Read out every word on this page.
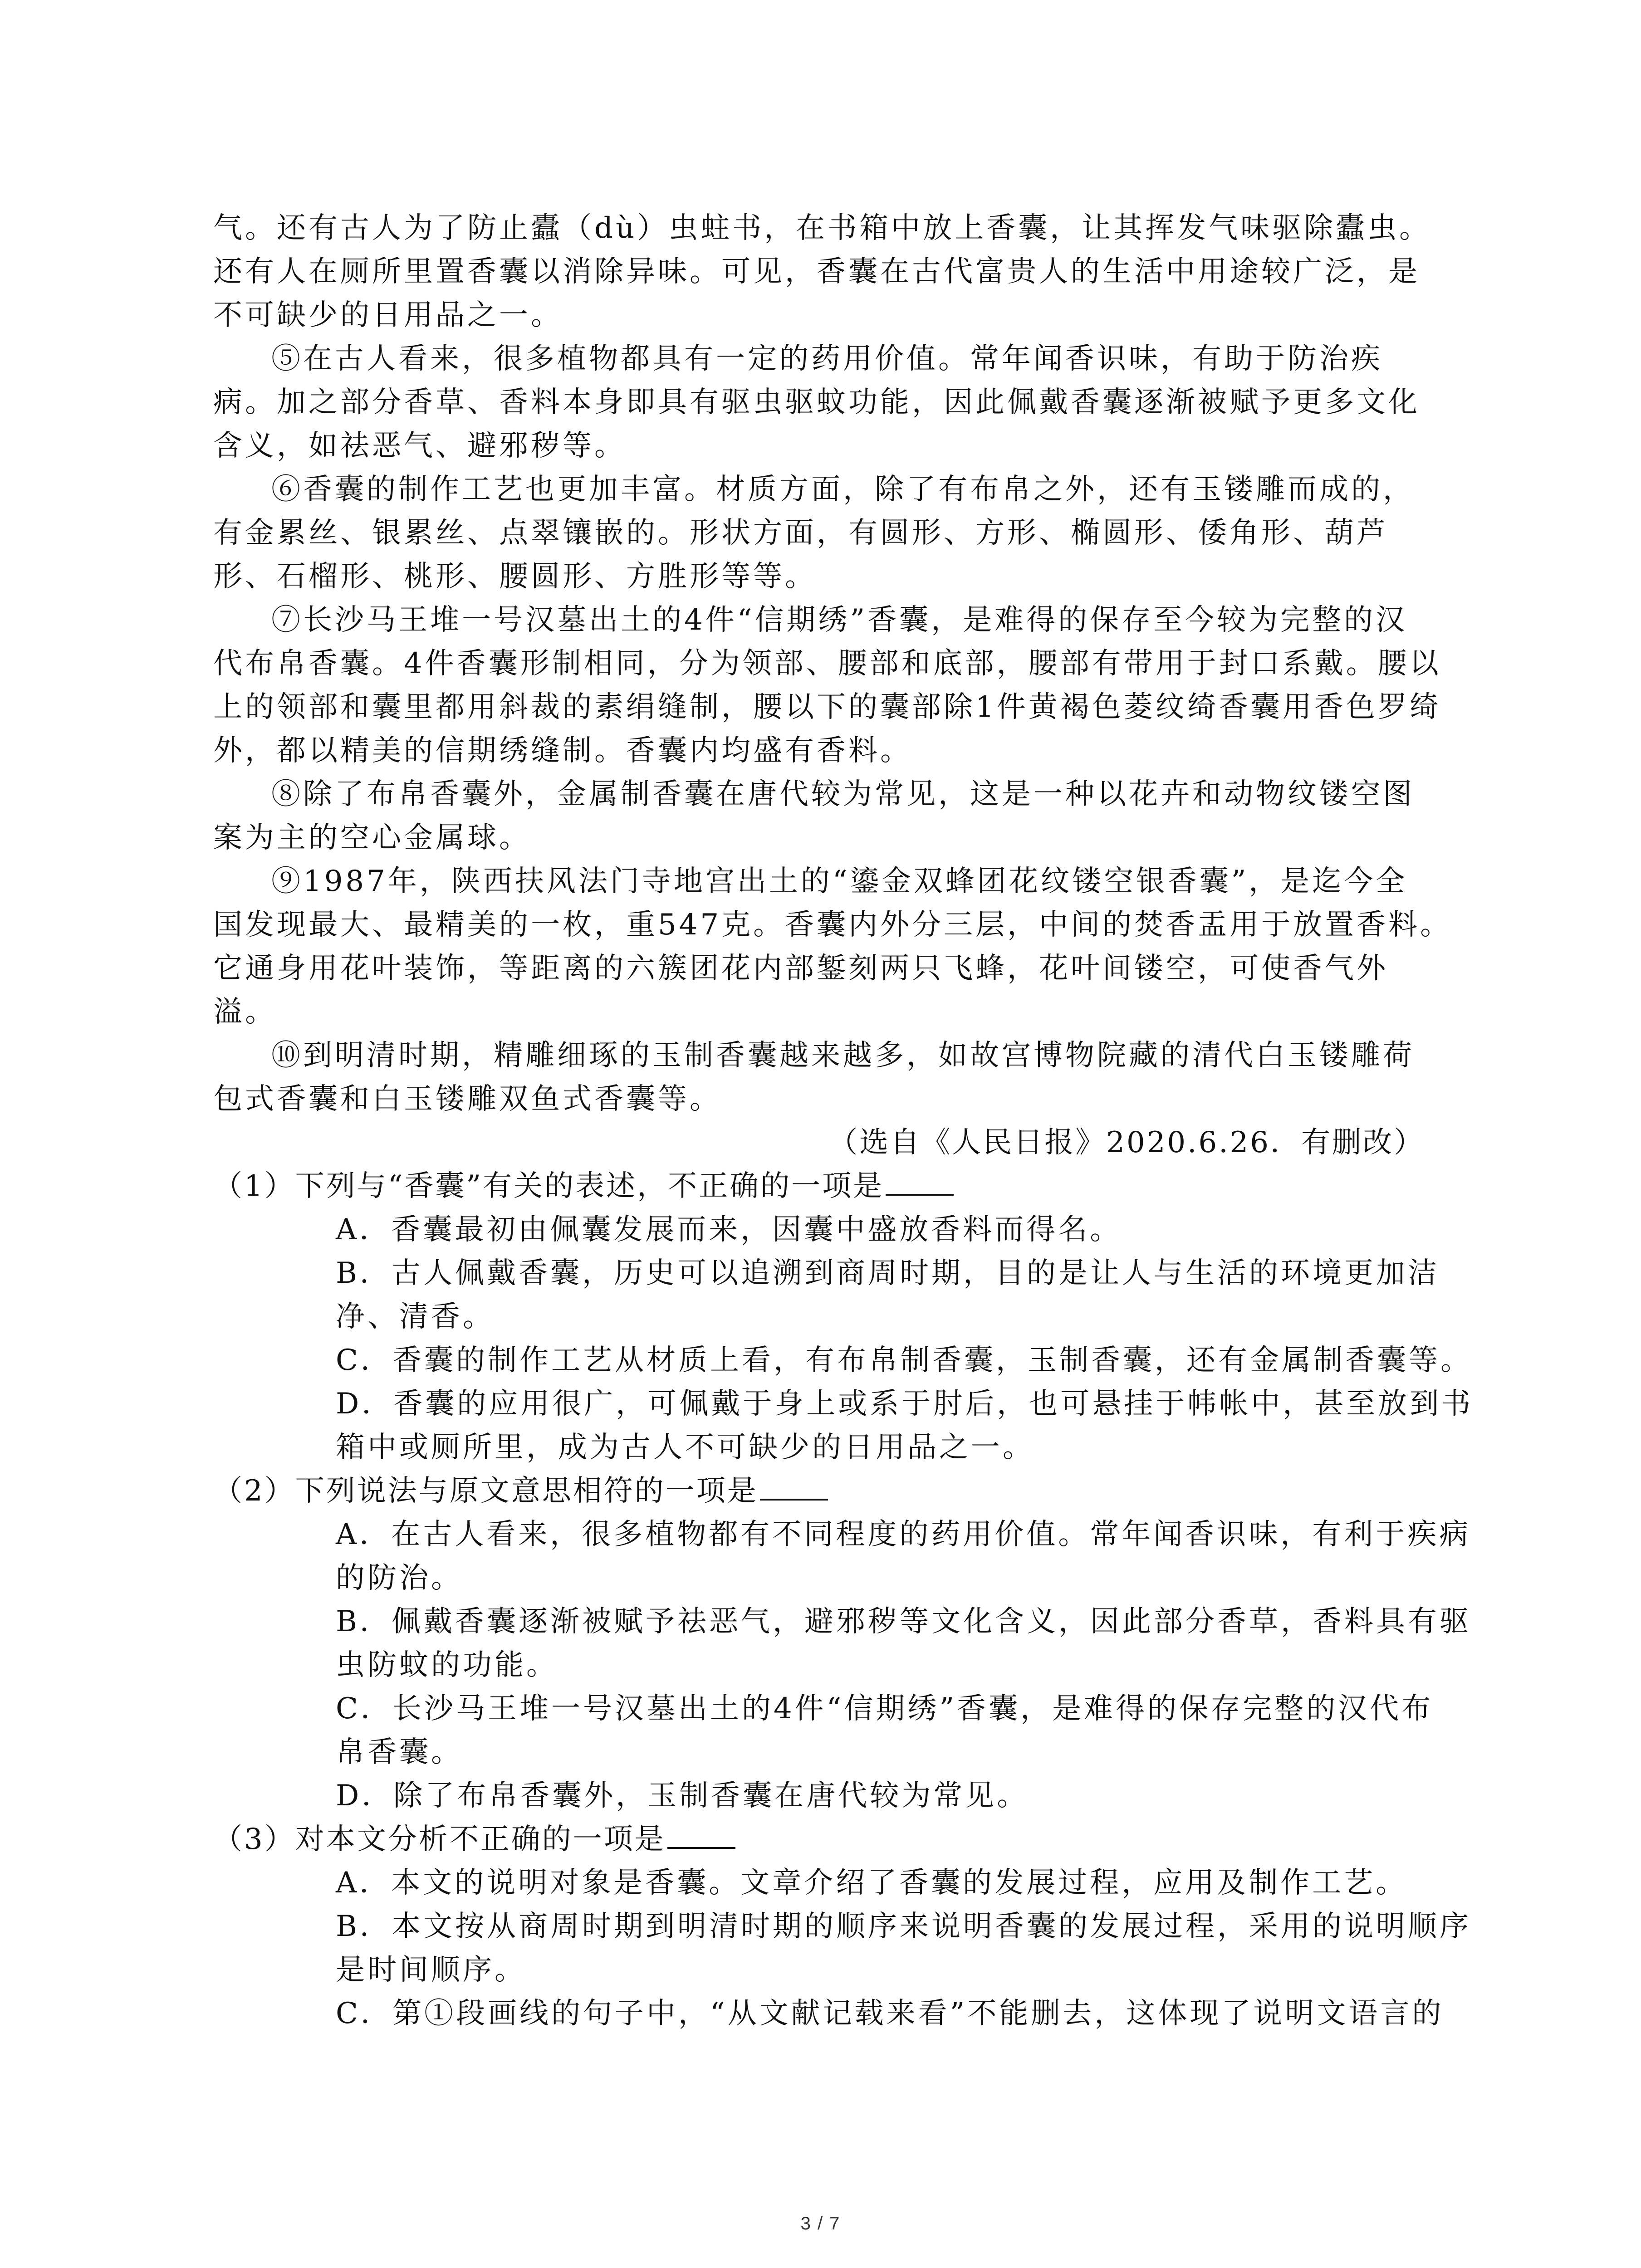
气。还有古人为了防止蠹（dù）虫蛀书，在书箱中放上香囊，让其挥发气味驱除蠹虫。
还有人在厕所里置香囊以消除异味。可见，香囊在古代富贵人的生活中用途较广泛，是
不可缺少的日用品之一。
⑤在古人看来，很多植物都具有一定的药用价值。常年闻香识味，有助于防治疾
病。加之部分香草、香料本身即具有驱虫驱蚊功能，因此佩戴香囊逐渐被赋予更多文化
含义，如祛恶气、避邪秽等。
⑥香囊的制作工艺也更加丰富。材质方面，除了有布帛之外，还有玉镂雕而成的，
有金累丝、银累丝、点翠镶嵌的。形状方面，有圆形、方形、椭圆形、倭角形、葫芦
形、石榴形、桃形、腰圆形、方胜形等等。
⑦长沙马王堆一号汉墓出土的4件“信期绣”香囊，是难得的保存至今较为完整的汉
代布帛香囊。4件香囊形制相同，分为领部、腰部和底部，腰部有带用于封口系戴。腰以
上的领部和囊里都用斜裁的素绢缝制，腰以下的囊部除1件黄褐色菱纹绮香囊用香色罗绮
外，都以精美的信期绣缝制。香囊内均盛有香料。
⑧除了布帛香囊外，金属制香囊在唐代较为常见，这是一种以花卉和动物纹镂空图
案为主的空心金属球。
⑨1987年，陕西扶风法门寺地宫出土的“鎏金双蜂团花纹镂空银香囊”，是迄今全
国发现最大、最精美的一枚，重547克。香囊内外分三层，中间的焚香盂用于放置香料。
它通身用花叶装饰，等距离的六簇团花内部錾刻两只飞蜂，花叶间镂空，可使香气外
溢。
⑩到明清时期，精雕细琢的玉制香囊越来越多，如故宫博物院藏的清代白玉镂雕荷
包式香囊和白玉镂雕双鱼式香囊等。
（选自《人民日报》2020.6.26．有删改）
（1）下列与“香囊”有关的表述，不正确的一项是
A．香囊最初由佩囊发展而来，因囊中盛放香料而得名。
B．古人佩戴香囊，历史可以追溯到商周时期，目的是让人与生活的环境更加洁
净、清香。
C．香囊的制作工艺从材质上看，有布帛制香囊，玉制香囊，还有金属制香囊等。
D．香囊的应用很广，可佩戴于身上或系于肘后，也可悬挂于帏帐中，甚至放到书
箱中或厕所里，成为古人不可缺少的日用品之一。
（2）下列说法与原文意思相符的一项是
A．在古人看来，很多植物都有不同程度的药用价值。常年闻香识味，有利于疾病
的防治。
B．佩戴香囊逐渐被赋予祛恶气，避邪秽等文化含义，因此部分香草，香料具有驱
虫防蚊的功能。
C．长沙马王堆一号汉墓出土的4件“信期绣”香囊，是难得的保存完整的汉代布
帛香囊。
D．除了布帛香囊外，玉制香囊在唐代较为常见。
（3）对本文分析不正确的一项是
A．本文的说明对象是香囊。文章介绍了香囊的发展过程，应用及制作工艺。
B．本文按从商周时期到明清时期的顺序来说明香囊的发展过程，采用的说明顺序
是时间顺序。
C．第①段画线的句子中，“从文献记载来看”不能删去，这体现了说明文语言的
3 / 7
